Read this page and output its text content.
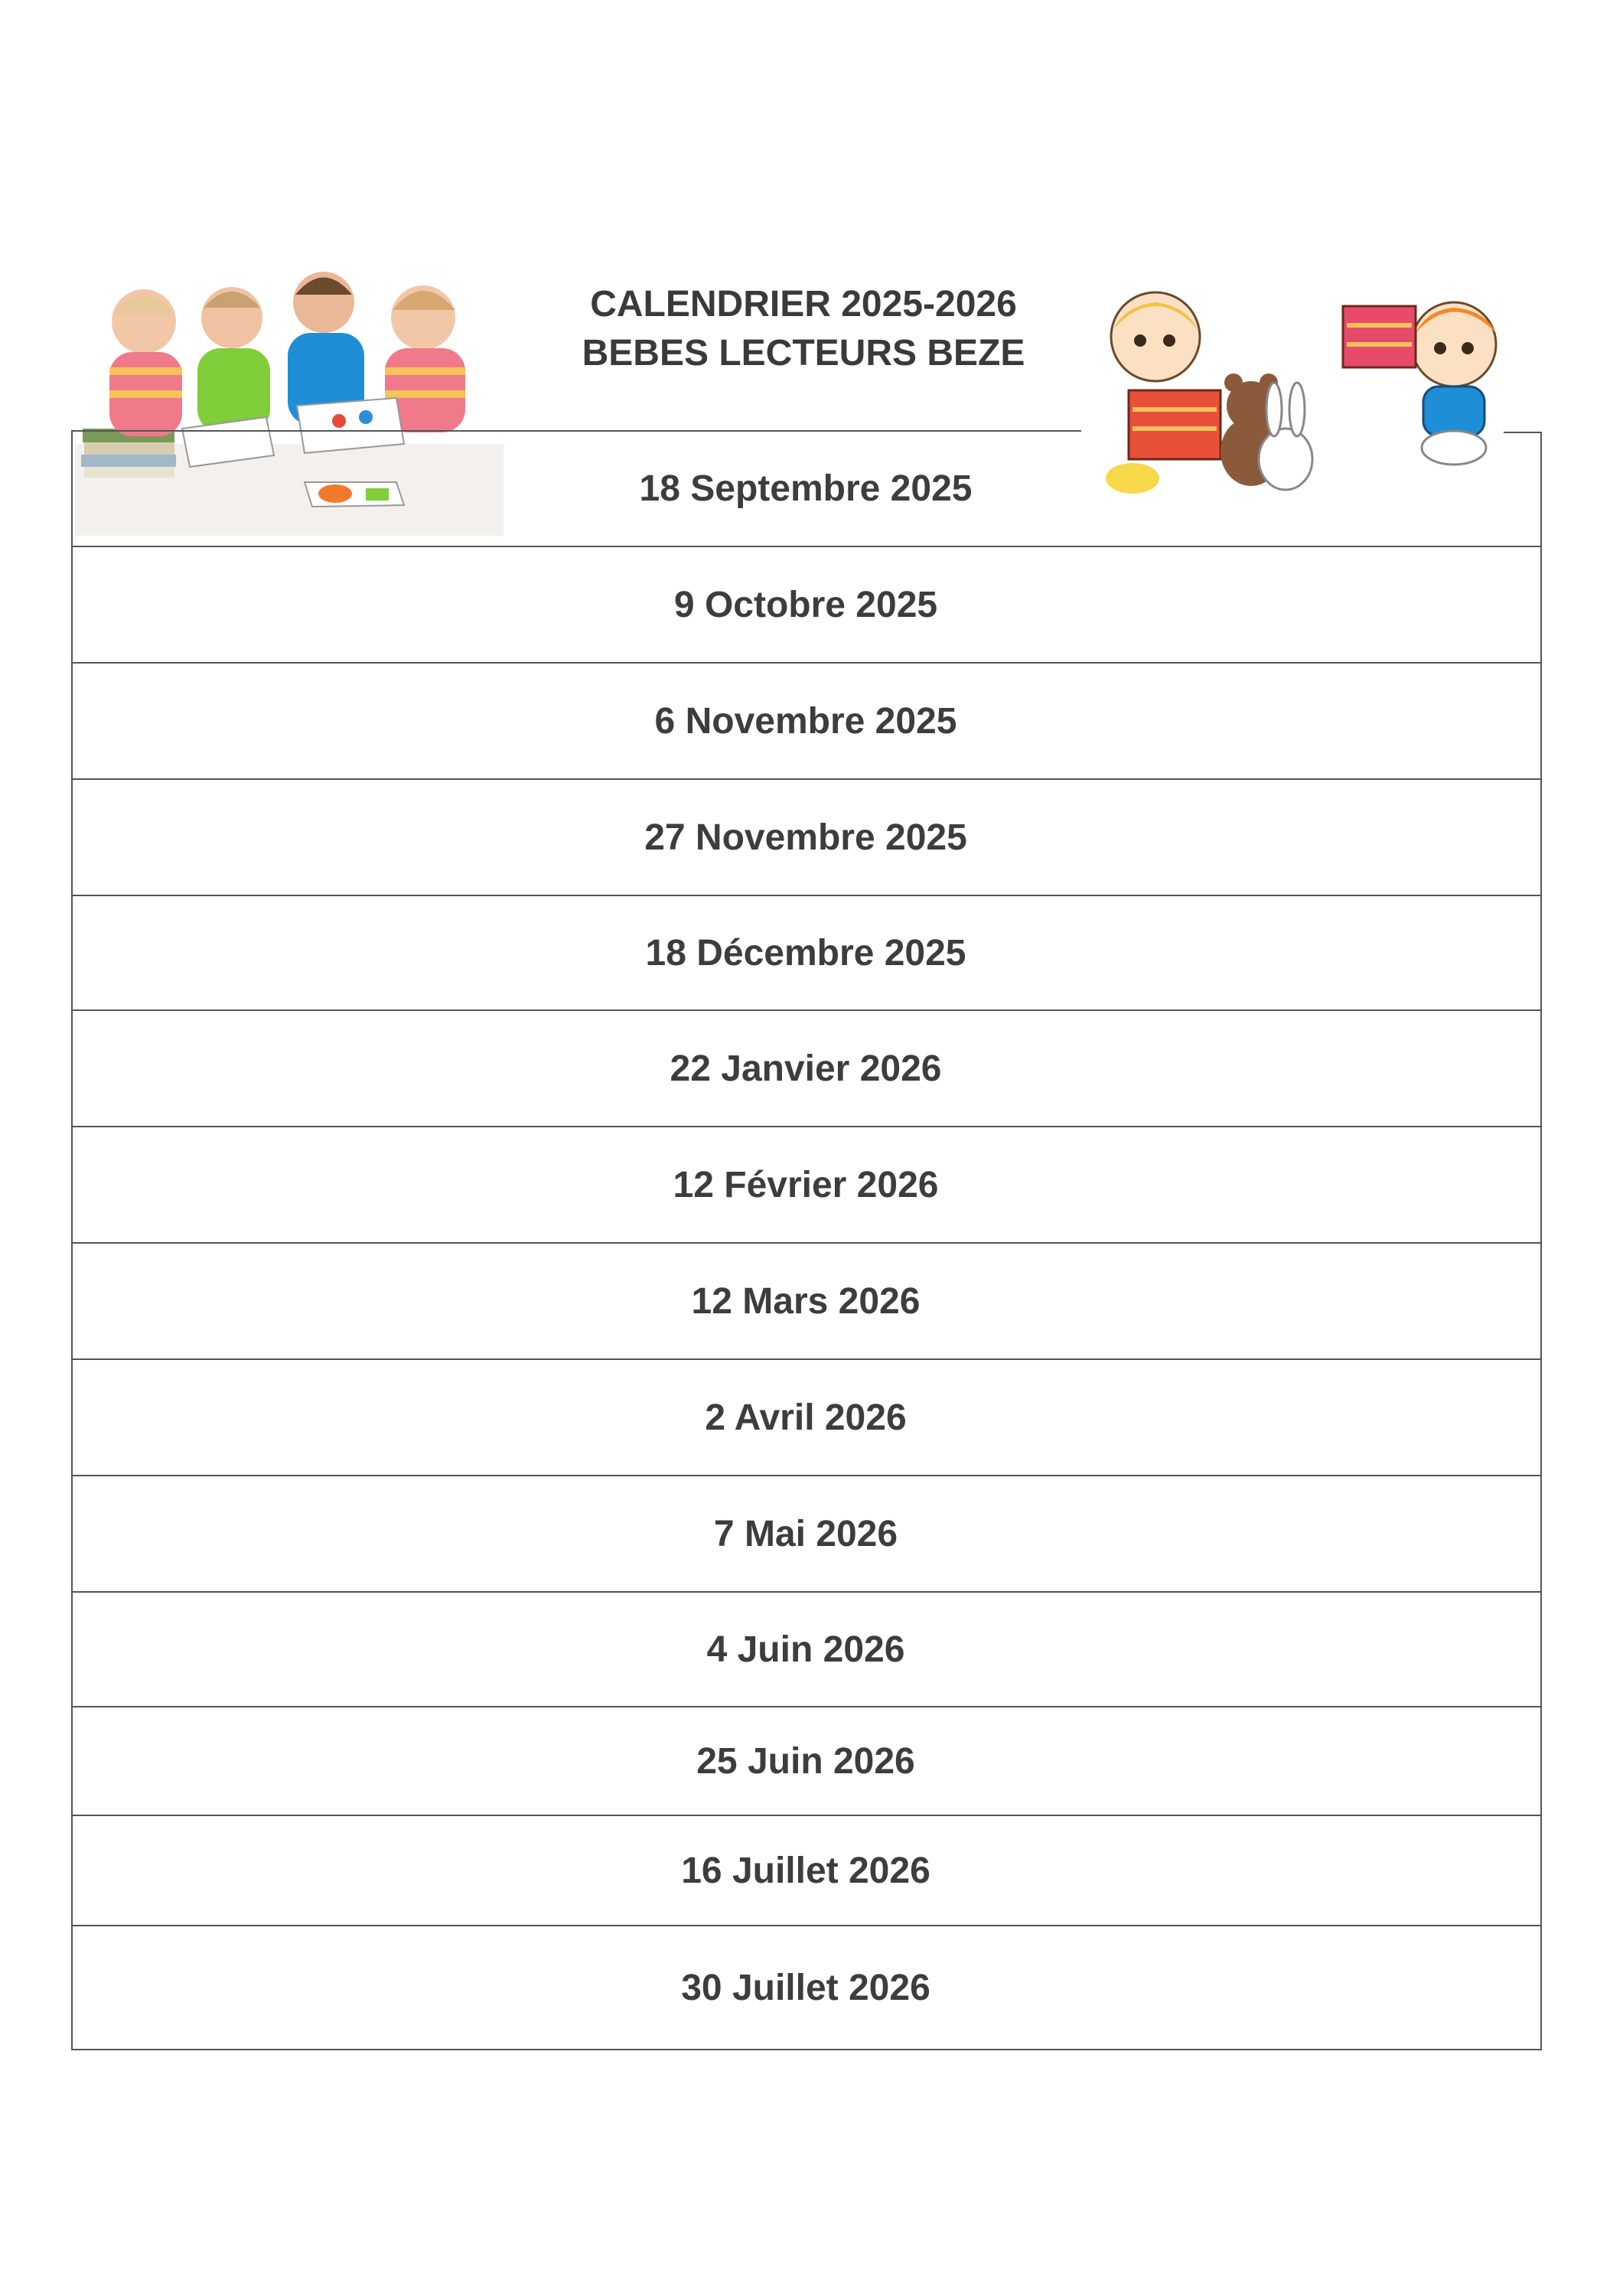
CALENDRIER 2025-2026
BEBES LECTEURS BEZE
18 Septembre 2025
9 Octobre 2025
6 Novembre 2025
27 Novembre 2025
18 Décembre 2025
22 Janvier 2026
12 Février 2026
12 Mars 2026
2 Avril 2026
7 Mai 2026
4 Juin 2026
25 Juin 2026
16 Juillet 2026
30 Juillet 2026
